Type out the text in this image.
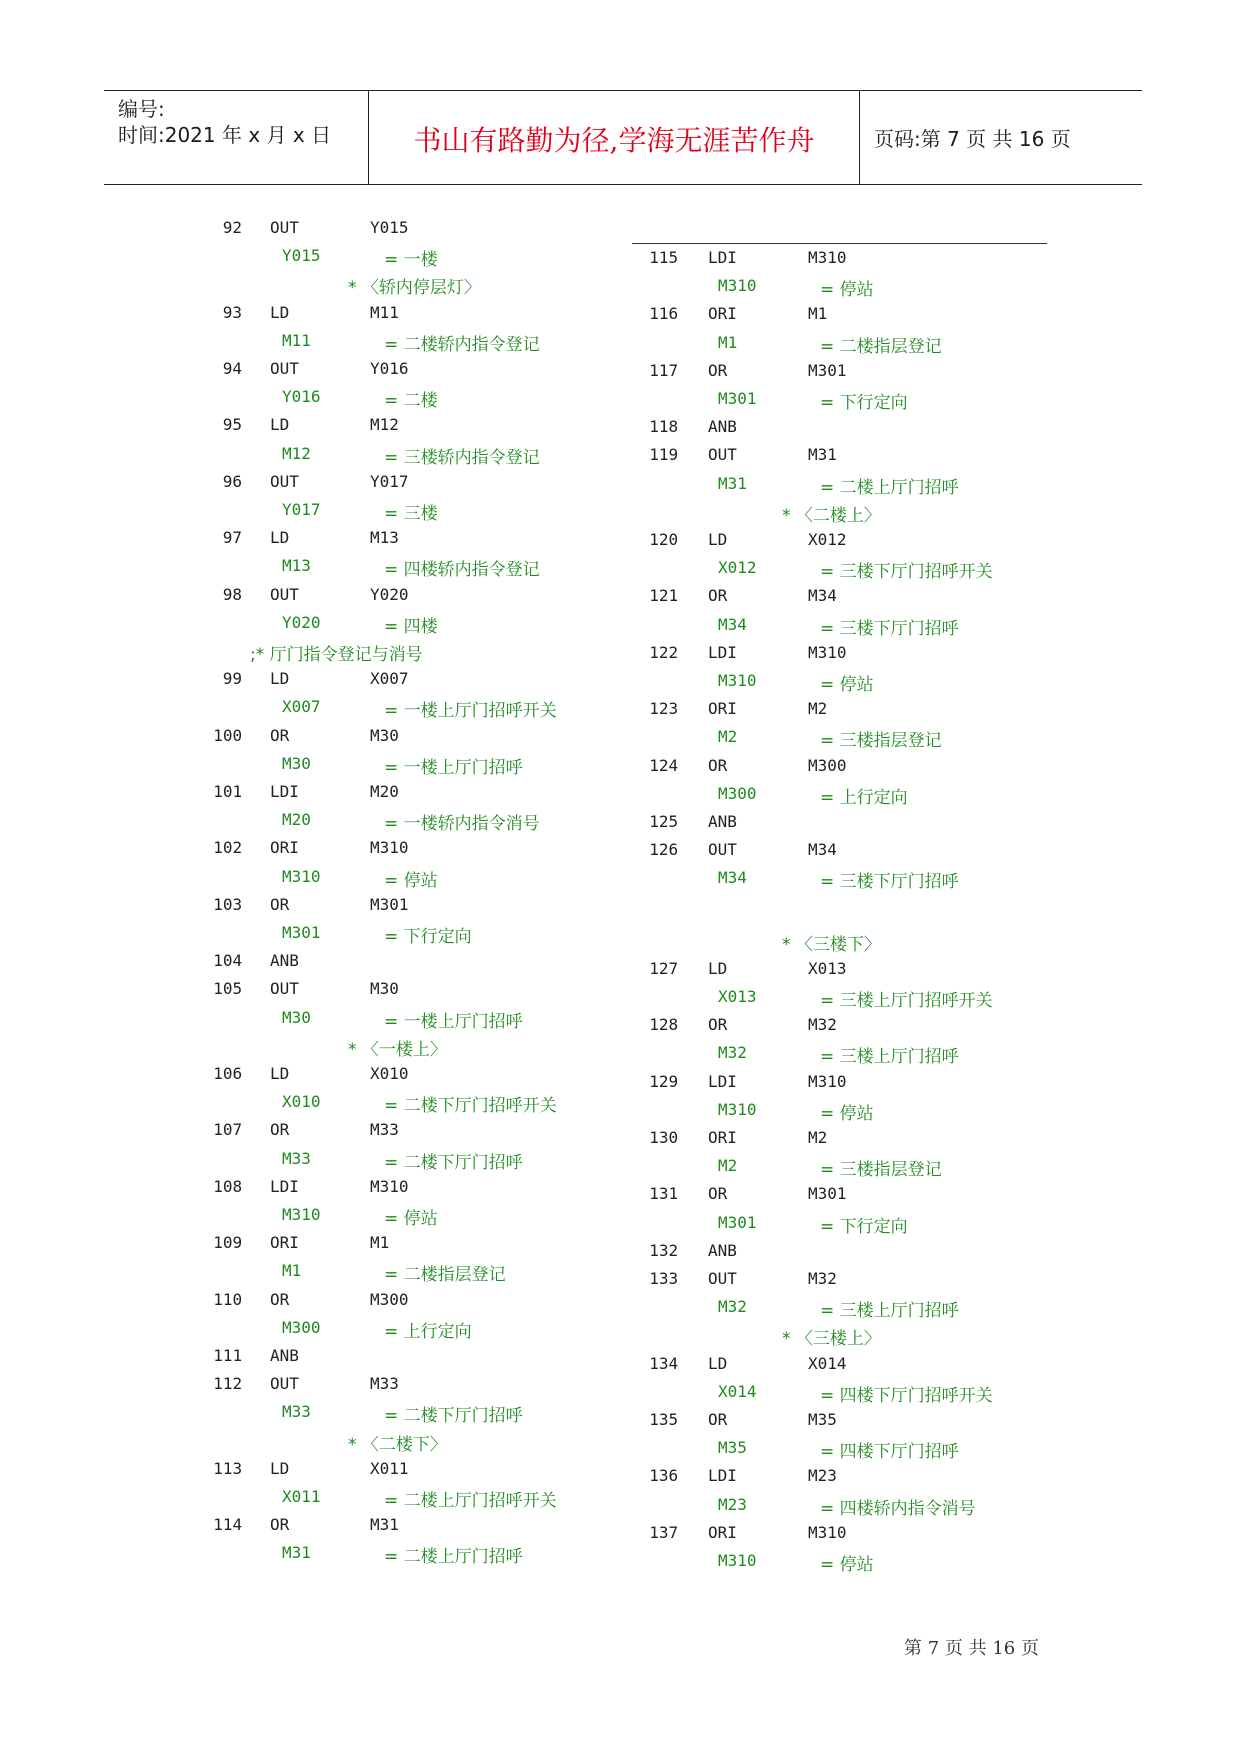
编号:
时间:2021 年 x 月 x 日	书山有路勤为径,学海无涯苦作舟	页码:第 7 页 共 16 页
92 OUT	Y015
Y015	= 一楼
* 〈轿内停层灯〉
93 LD	M11
M11	= 二楼轿内指令登记
94 OUT	Y016
Y016	= 二楼
95 LD	M12
M12	= 三楼轿内指令登记
96 OUT	Y017
Y017	= 三楼
97 LD	M13
M13	= 四楼轿内指令登记
98 OUT	Y020
Y020	= 四楼
;* 厅门指令登记与消号
99 LD	X007
X007	= 一楼上厅门招呼开关
100 OR	M30
M30	= 一楼上厅门招呼
101 LDI	M20
M20	= 一楼轿内指令消号
102 ORI	M310
M310	= 停站
103 OR	M301
M301	= 下行定向
104 ANB
105 OUT	M30
M30	= 一楼上厅门招呼
* 〈一楼上〉
106 LD	X010
X010	= 二楼下厅门招呼开关
107 OR	M33
M33	= 二楼下厅门招呼
108 LDI	M310
M310	= 停站
109 ORI	M1
M1	= 二楼指层登记
110 OR	M300
M300	= 上行定向
111 ANB
112 OUT	M33
M33	= 二楼下厅门招呼
* 〈二楼下〉
113 LD	X011
X011	= 二楼上厅门招呼开关
114 OR	M31
M31	= 二楼上厅门招呼
115 LDI	M310
M310	= 停站
116 ORI	M1
M1	= 二楼指层登记
117 OR	M301
M301	= 下行定向
118 ANB
119 OUT	M31
M31	= 二楼上厅门招呼
* 〈二楼上〉
120 LD	X012
X012	= 三楼下厅门招呼开关
121 OR	M34
M34	= 三楼下厅门招呼
122 LDI	M310
M310	= 停站
123 ORI	M2
M2	= 三楼指层登记
124 OR	M300
M300	= 上行定向
125 ANB
126 OUT	M34
M34	= 三楼下厅门招呼
* 〈三楼下〉
127 LD	X013
X013	= 三楼上厅门招呼开关
128 OR	M32
M32	= 三楼上厅门招呼
129 LDI	M310
M310	= 停站
130 ORI	M2
M2	= 三楼指层登记
131 OR	M301
M301	= 下行定向
132 ANB
133 OUT	M32
M32	= 三楼上厅门招呼
* 〈三楼上〉
134 LD	X014
X014	= 四楼下厅门招呼开关
135 OR	M35
M35	= 四楼下厅门招呼
136 LDI	M23
M23	= 四楼轿内指令消号
137 ORI	M310
M310	= 停站
第 7 页 共 16 页
